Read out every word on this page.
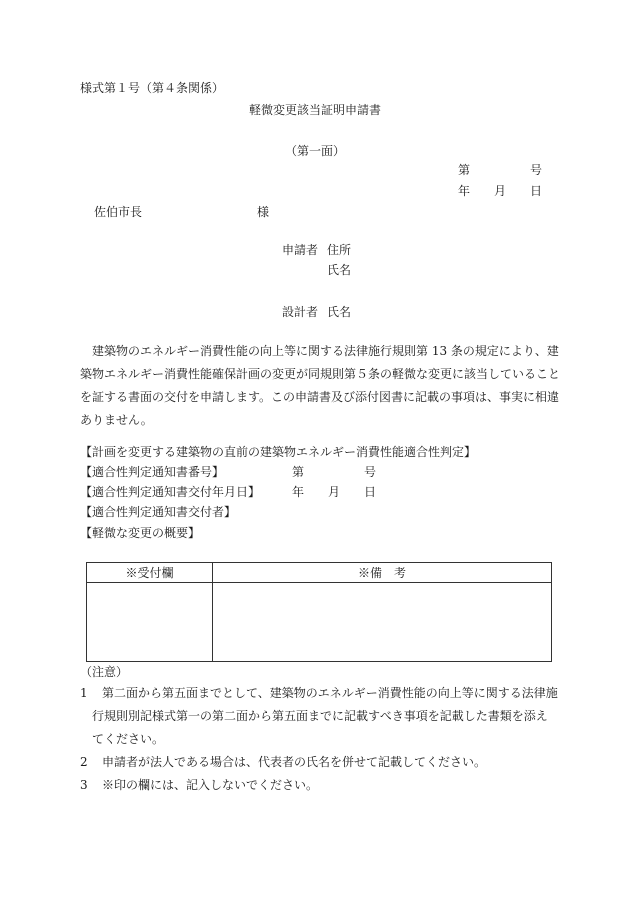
様式第１号（第４条関係）
軽微変更該当証明申請書
（第一面）
第	号
年 月 日
佐伯市長	様
申請者 住所
氏名
設計者 氏名
建築物のエネルギー消費性能の向上等に関する法律施行規則第 13 条の規定により、建
築物エネルギー消費性能確保計画の変更が同規則第５条の軽微な変更に該当していること
を証する書面の交付を申請します。この申請書及び添付図書に記載の事項は、事実に相違
ありません。
【計画を変更する建築物の直前の建築物エネルギー消費性能適合性判定】
【適合性判定通知書番号】	第	号
【適合性判定通知書交付年月日】	年 月 日
【適合性判定通知書交付者】
【軽微な変更の概要】
※受付欄	※備　考

（注意）
1 第二面から第五面までとして、建築物のエネルギー消費性能の向上等に関する法律施
行規則別記様式第一の第二面から第五面までに記載すべき事項を記載した書類を添え
てください。
2 申請者が法人である場合は、代表者の氏名を併せて記載してください。
3 ※印の欄には、記入しないでください。
